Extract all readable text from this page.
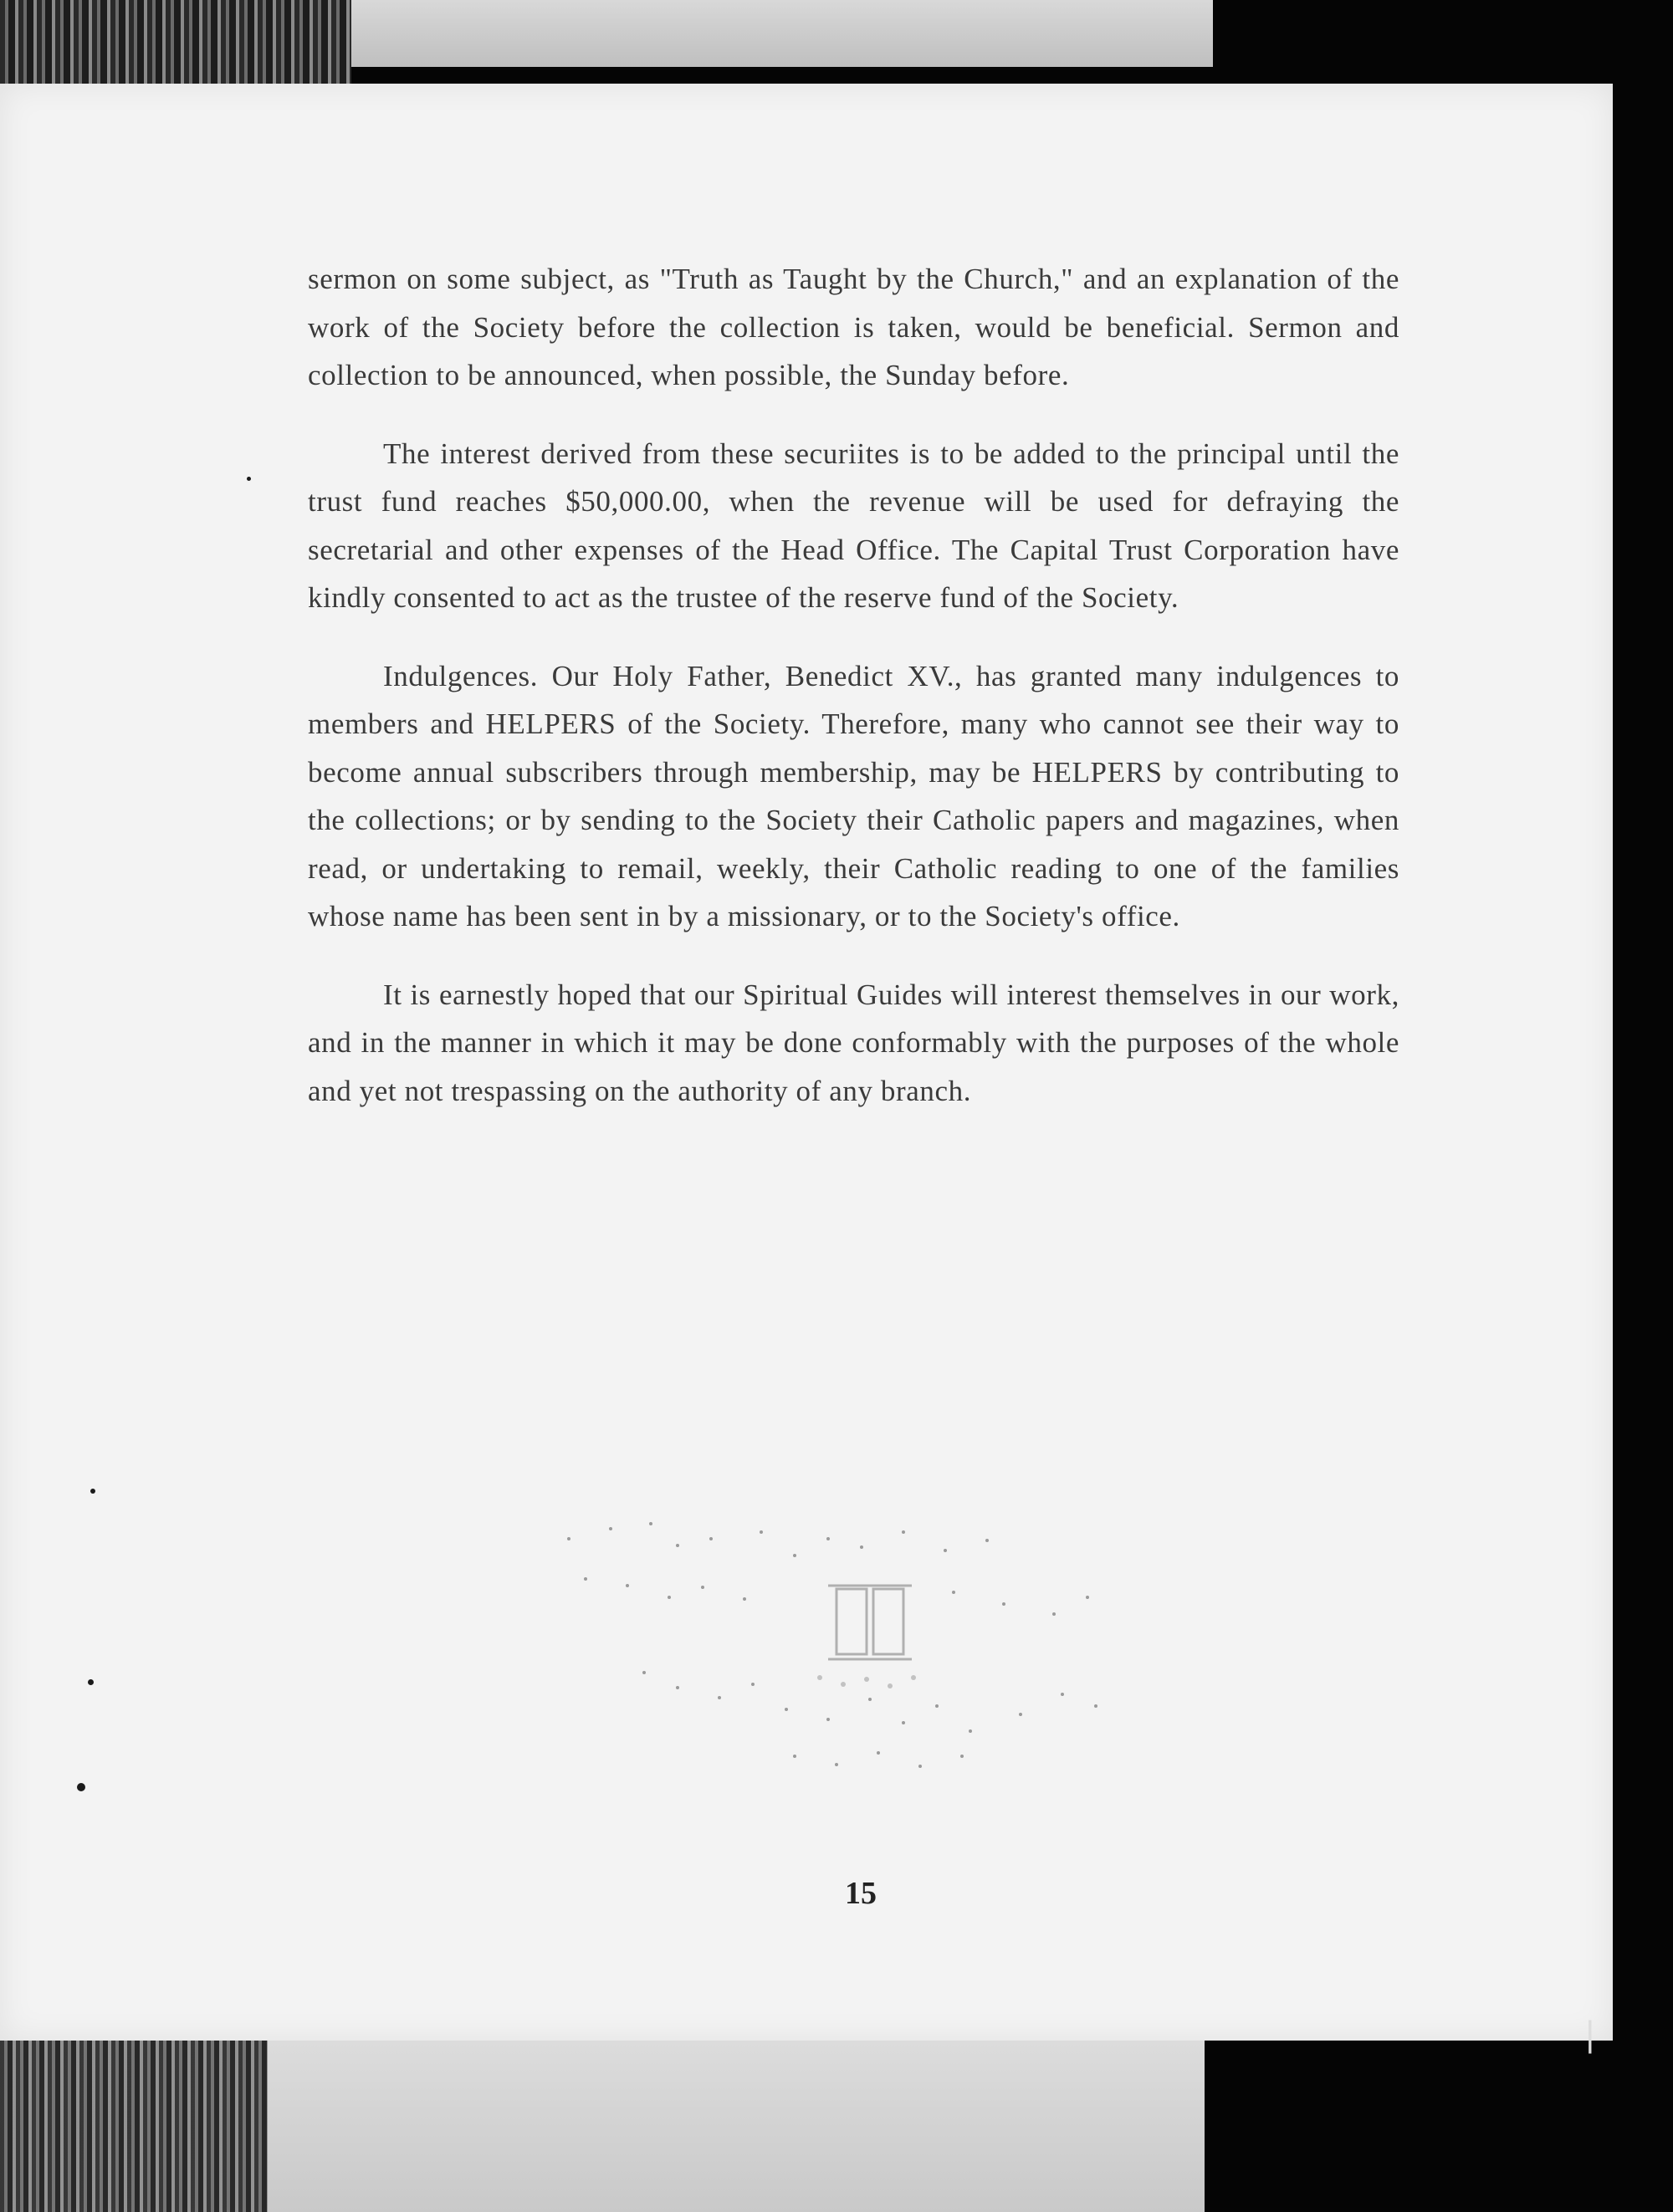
sermon on some subject, as "Truth as Taught by the Church," and an explanation of the work of the Society before the collection is taken, would be beneficial. Sermon and collection to be announced, when possible, the Sunday before.

The interest derived from these securiites is to be added to the principal until the trust fund reaches $50,000.00, when the revenue will be used for defraying the secretarial and other expenses of the Head Office. The Capital Trust Corporation have kindly consented to act as the trustee of the reserve fund of the Society.

Indulgences. Our Holy Father, Benedict XV., has granted many indulgences to members and HELPERS of the Society. Therefore, many who cannot see their way to become annual subscribers through membership, may be HELPERS by contributing to the collections; or by sending to the Society their Catholic papers and magazines, when read, or undertaking to remail, weekly, their Catholic reading to one of the families whose name has been sent in by a missionary, or to the Society's office.

It is earnestly hoped that our Spiritual Guides will interest themselves in our work, and in the manner in which it may be done conformably with the purposes of the whole and yet not trespassing on the authority of any branch.

15
❘
